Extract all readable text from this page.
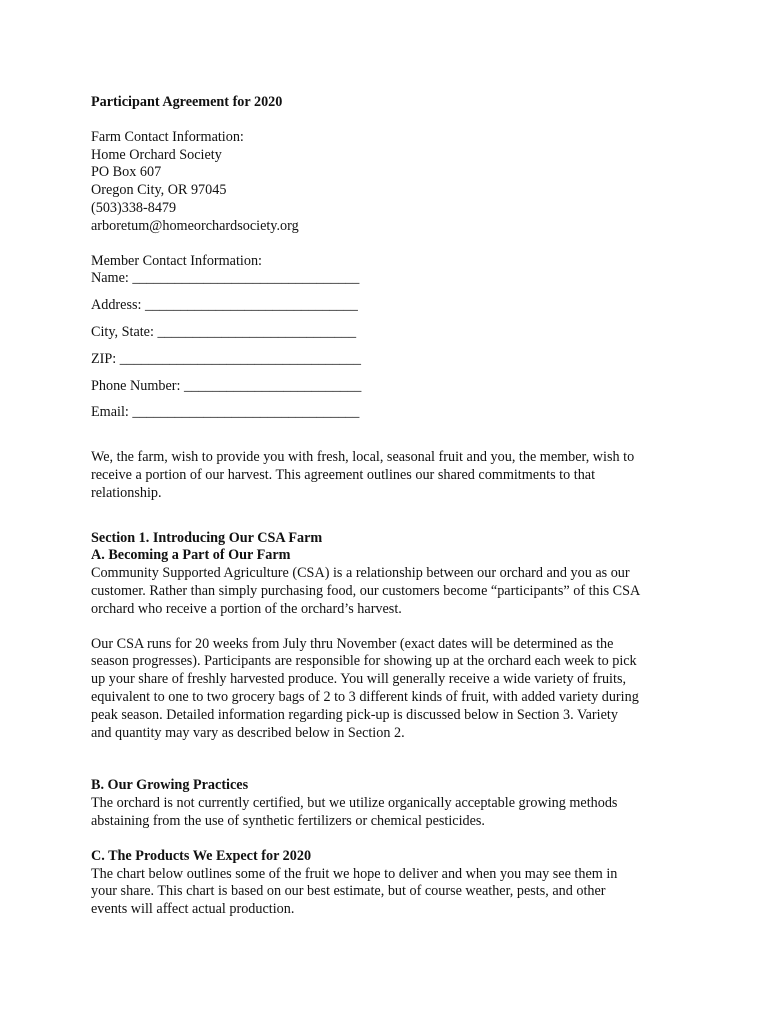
Participant Agreement for 2020
Farm Contact Information:
Home Orchard Society
PO Box 607
Oregon City, OR 97045
(503)338-8479
arboretum@homeorchardsociety.org
Member Contact Information:
Name: ________________________________
Address: ______________________________
City, State: ____________________________
ZIP: __________________________________
Phone Number: _________________________
Email: ________________________________
We, the farm, wish to provide you with fresh, local, seasonal fruit and you, the member, wish to
receive a portion of our harvest. This agreement outlines our shared commitments to that
relationship.
Section 1. Introducing Our CSA Farm
A. Becoming a Part of Our Farm
Community Supported Agriculture (CSA) is a relationship between our orchard and you as our
customer. Rather than simply purchasing food, our customers become “participants” of this CSA
orchard who receive a portion of the orchard’s harvest.
Our CSA runs for 20 weeks from July thru November (exact dates will be determined as the
season progresses). Participants are responsible for showing up at the orchard each week to pick
up your share of freshly harvested produce. You will generally receive a wide variety of fruits,
equivalent to one to two grocery bags of 2 to 3 different kinds of fruit, with added variety during
peak season. Detailed information regarding pick-up is discussed below in Section 3. Variety
and quantity may vary as described below in Section 2.
B. Our Growing Practices
The orchard is not currently certified, but we utilize organically acceptable growing methods
abstaining from the use of synthetic fertilizers or chemical pesticides.
C. The Products We Expect for 2020
The chart below outlines some of the fruit we hope to deliver and when you may see them in
your share. This chart is based on our best estimate, but of course weather, pests, and other
events will affect actual production.
